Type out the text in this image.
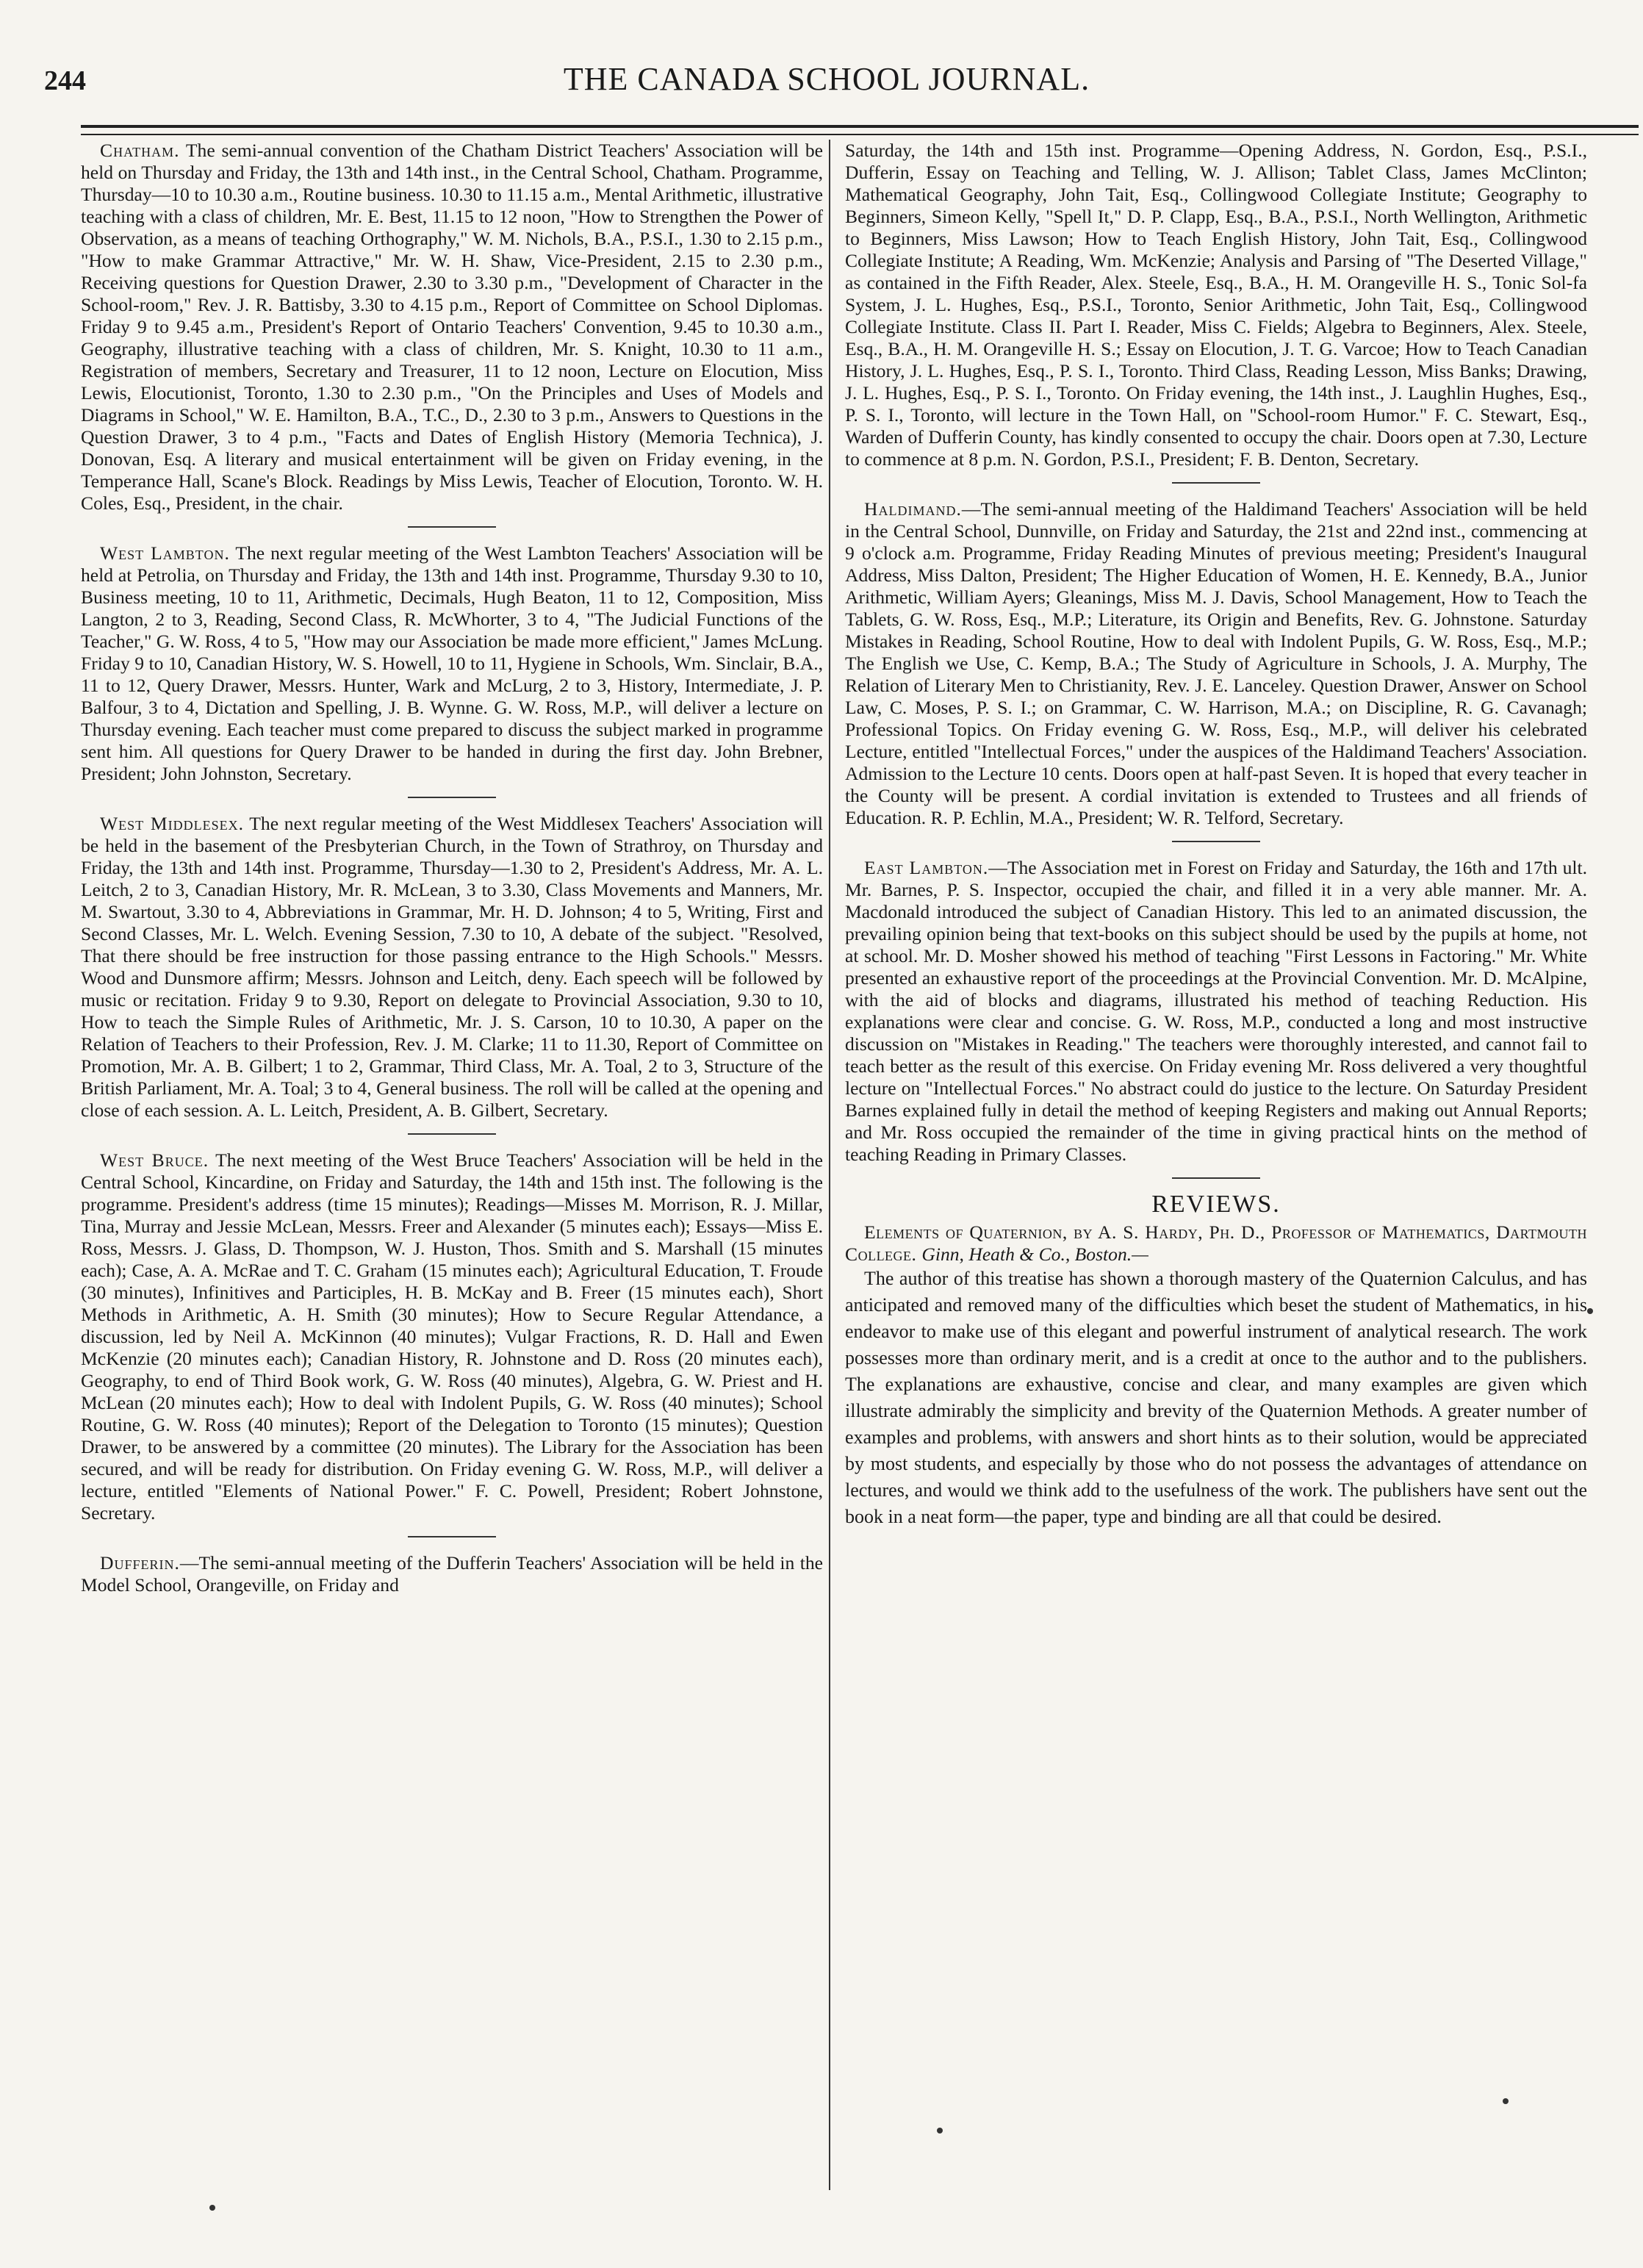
244	THE CANADA SCHOOL JOURNAL.

Chatham. The semi-annual convention of the Chatham District Teachers' Association will be held on Thursday and Friday, the 13th and 14th inst., in the Central School, Chatham. Programme, Thursday—10 to 10.30 a.m., Routine business. 10.30 to 11.15 a.m., Mental Arithmetic, illustrative teaching with a class of children, Mr. E. Best, 11.15 to 12 noon, "How to Strengthen the Power of Observation, as a means of teaching Orthography," W. M. Nichols, B.A., P.S.I., 1.30 to 2.15 p.m., "How to make Grammar Attractive," Mr. W. H. Shaw, Vice-President, 2.15 to 2.30 p.m., Receiving questions for Question Drawer, 2.30 to 3.30 p.m., "Development of Character in the School-room," Rev. J. R. Battisby, 3.30 to 4.15 p.m., Report of Committee on School Diplomas. Friday 9 to 9.45 a.m., President's Report of Ontario Teachers' Convention, 9.45 to 10.30 a.m., Geography, illustrative teaching with a class of children, Mr. S. Knight, 10.30 to 11 a.m., Registration of members, Secretary and Treasurer, 11 to 12 noon, Lecture on Elocution, Miss Lewis, Elocutionist, Toronto, 1.30 to 2.30 p.m., "On the Principles and Uses of Models and Diagrams in School," W. E. Hamilton, B.A., T.C., D., 2.30 to 3 p.m., Answers to Questions in the Question Drawer, 3 to 4 p.m., "Facts and Dates of English History (Memoria Technica), J. Donovan, Esq. A literary and musical entertainment will be given on Friday evening, in the Temperance Hall, Scane's Block. Readings by Miss Lewis, Teacher of Elocution, Toronto. W. H. Coles, Esq., President, in the chair.

West Lambton. The next regular meeting of the West Lambton Teachers' Association will be held at Petrolia, on Thursday and Friday, the 13th and 14th inst. Programme, Thursday 9.30 to 10, Business meeting, 10 to 11, Arithmetic, Decimals, Hugh Beaton, 11 to 12, Composition, Miss Langton, 2 to 3, Reading, Second Class, R. McWhorter, 3 to 4, "The Judicial Functions of the Teacher," G. W. Ross, 4 to 5, "How may our Association be made more efficient," James McLung. Friday 9 to 10, Canadian History, W. S. Howell, 10 to 11, Hygiene in Schools, Wm. Sinclair, B.A., 11 to 12, Query Drawer, Messrs. Hunter, Wark and McLurg, 2 to 3, History, Intermediate, J. P. Balfour, 3 to 4, Dictation and Spelling, J. B. Wynne. G. W. Ross, M.P., will deliver a lecture on Thursday evening. Each teacher must come prepared to discuss the subject marked in programme sent him. All questions for Query Drawer to be handed in during the first day. John Brebner, President; John Johnston, Secretary.

West Middlesex. The next regular meeting of the West Middlesex Teachers' Association will be held in the basement of the Presbyterian Church, in the Town of Strathroy, on Thursday and Friday, the 13th and 14th inst. Programme, Thursday—1.30 to 2, President's Address, Mr. A. L. Leitch, 2 to 3, Canadian History, Mr. R. McLean, 3 to 3.30, Class Movements and Manners, Mr. M. Swartout, 3.30 to 4, Abbreviations in Grammar, Mr. H. D. Johnson; 4 to 5, Writing, First and Second Classes, Mr. L. Welch. Evening Session, 7.30 to 10, A debate of the subject. "Resolved, That there should be free instruction for those passing entrance to the High Schools." Messrs. Wood and Dunsmore affirm; Messrs. Johnson and Leitch, deny. Each speech will be followed by music or recitation. Friday 9 to 9.30, Report on delegate to Provincial Association, 9.30 to 10, How to teach the Simple Rules of Arithmetic, Mr. J. S. Carson, 10 to 10.30, A paper on the Relation of Teachers to their Profession, Rev. J. M. Clarke; 11 to 11.30, Report of Committee on Promotion, Mr. A. B. Gilbert; 1 to 2, Grammar, Third Class, Mr. A. Toal, 2 to 3, Structure of the British Parliament, Mr. A. Toal; 3 to 4, General business. The roll will be called at the opening and close of each session. A. L. Leitch, President, A. B. Gilbert, Secretary.

West Bruce. The next meeting of the West Bruce Teachers' Association will be held in the Central School, Kincardine, on Friday and Saturday, the 14th and 15th inst. The following is the programme. President's address (time 15 minutes); Readings—Misses M. Morrison, R. J. Millar, Tina, Murray and Jessie McLean, Messrs. Freer and Alexander (5 minutes each); Essays—Miss E. Ross, Messrs. J. Glass, D. Thompson, W. J. Huston, Thos. Smith and S. Marshall (15 minutes each); Case, A. A. McRae and T. C. Graham (15 minutes each); Agricultural Education, T. Froude (30 minutes), Infinitives and Participles, H. B. McKay and B. Freer (15 minutes each), Short Methods in Arithmetic, A. H. Smith (30 minutes); How to Secure Regular Attendance, a discussion, led by Neil A. McKinnon (40 minutes); Vulgar Fractions, R. D. Hall and Ewen McKenzie (20 minutes each); Canadian History, R. Johnstone and D. Ross (20 minutes each), Geography, to end of Third Book work, G. W. Ross (40 minutes), Algebra, G. W. Priest and H. McLean (20 minutes each); How to deal with Indolent Pupils, G. W. Ross (40 minutes); School Routine, G. W. Ross (40 minutes); Report of the Delegation to Toronto (15 minutes); Question Drawer, to be answered by a committee (20 minutes). The Library for the Association has been secured, and will be ready for distribution. On Friday evening G. W. Ross, M.P., will deliver a lecture, entitled "Elements of National Power." F. C. Powell, President; Robert Johnstone, Secretary.

Dufferin.—The semi-annual meeting of the Dufferin Teachers' Association will be held in the Model School, Orangeville, on Friday and

Saturday, the 14th and 15th inst. Programme—Opening Address, N. Gordon, Esq., P.S.I., Dufferin, Essay on Teaching and Telling, W. J. Allison; Tablet Class, James McClinton; Mathematical Geography, John Tait, Esq., Collingwood Collegiate Institute; Geography to Beginners, Simeon Kelly, "Spell It," D. P. Clapp, Esq., B.A., P.S.I., North Wellington, Arithmetic to Beginners, Miss Lawson; How to Teach English History, John Tait, Esq., Collingwood Collegiate Institute; A Reading, Wm. McKenzie; Analysis and Parsing of "The Deserted Village," as contained in the Fifth Reader, Alex. Steele, Esq., B.A., H. M. Orangeville H. S., Tonic Sol-fa System, J. L. Hughes, Esq., P.S.I., Toronto, Senior Arithmetic, John Tait, Esq., Collingwood Collegiate Institute. Class II. Part I. Reader, Miss C. Fields; Algebra to Beginners, Alex. Steele, Esq., B.A., H. M. Orangeville H. S.; Essay on Elocution, J. T. G. Varcoe; How to Teach Canadian History, J. L. Hughes, Esq., P. S. I., Toronto. Third Class, Reading Lesson, Miss Banks; Drawing, J. L. Hughes, Esq., P. S. I., Toronto. On Friday evening, the 14th inst., J. Laughlin Hughes, Esq., P. S. I., Toronto, will lecture in the Town Hall, on "School-room Humor." F. C. Stewart, Esq., Warden of Dufferin County, has kindly consented to occupy the chair. Doors open at 7.30, Lecture to commence at 8 p.m. N. Gordon, P.S.I., President; F. B. Denton, Secretary.

Haldimand.—The semi-annual meeting of the Haldimand Teachers' Association will be held in the Central School, Dunnville, on Friday and Saturday, the 21st and 22nd inst., commencing at 9 o'clock a.m. Programme, Friday Reading Minutes of previous meeting; President's Inaugural Address, Miss Dalton, President; The Higher Education of Women, H. E. Kennedy, B.A., Junior Arithmetic, William Ayers; Gleanings, Miss M. J. Davis, School Management, How to Teach the Tablets, G. W. Ross, Esq., M.P.; Literature, its Origin and Benefits, Rev. G. Johnstone. Saturday Mistakes in Reading, School Routine, How to deal with Indolent Pupils, G. W. Ross, Esq., M.P.; The English we Use, C. Kemp, B.A.; The Study of Agriculture in Schools, J. A. Murphy, The Relation of Literary Men to Christianity, Rev. J. E. Lanceley. Question Drawer, Answer on School Law, C. Moses, P. S. I.; on Grammar, C. W. Harrison, M.A.; on Discipline, R. G. Cavanagh; Professional Topics. On Friday evening G. W. Ross, Esq., M.P., will deliver his celebrated Lecture, entitled "Intellectual Forces," under the auspices of the Haldimand Teachers' Association. Admission to the Lecture 10 cents. Doors open at half-past Seven. It is hoped that every teacher in the County will be present. A cordial invitation is extended to Trustees and all friends of Education. R. P. Echlin, M.A., President; W. R. Telford, Secretary.

East Lambton.—The Association met in Forest on Friday and Saturday, the 16th and 17th ult. Mr. Barnes, P. S. Inspector, occupied the chair, and filled it in a very able manner. Mr. A. Macdonald introduced the subject of Canadian History. This led to an animated discussion, the prevailing opinion being that text-books on this subject should be used by the pupils at home, not at school. Mr. D. Mosher showed his method of teaching "First Lessons in Factoring." Mr. White presented an exhaustive report of the proceedings at the Provincial Convention. Mr. D. McAlpine, with the aid of blocks and diagrams, illustrated his method of teaching Reduction. His explanations were clear and concise. G. W. Ross, M.P., conducted a long and most instructive discussion on "Mistakes in Reading." The teachers were thoroughly interested, and cannot fail to teach better as the result of this exercise. On Friday evening Mr. Ross delivered a very thoughtful lecture on "Intellectual Forces." No abstract could do justice to the lecture. On Saturday President Barnes explained fully in detail the method of keeping Registers and making out Annual Reports; and Mr. Ross occupied the remainder of the time in giving practical hints on the method of teaching Reading in Primary Classes.

REVIEWS.

Elements of Quaternion, by A. S. Hardy, Ph. D., Professor of Mathematics, Dartmouth College. Ginn, Heath & Co., Boston.—

The author of this treatise has shown a thorough mastery of the Quaternion Calculus, and has anticipated and removed many of the difficulties which beset the student of Mathematics, in his endeavor to make use of this elegant and powerful instrument of analytical research. The work possesses more than ordinary merit, and is a credit at once to the author and to the publishers. The explanations are exhaustive, concise and clear, and many examples are given which illustrate admirably the simplicity and brevity of the Quaternion Methods. A greater number of examples and problems, with answers and short hints as to their solution, would be appreciated by most students, and especially by those who do not possess the advantages of attendance on lectures, and would we think add to the usefulness of the work. The publishers have sent out the book in a neat form—the paper, type and binding are all that could be desired.
